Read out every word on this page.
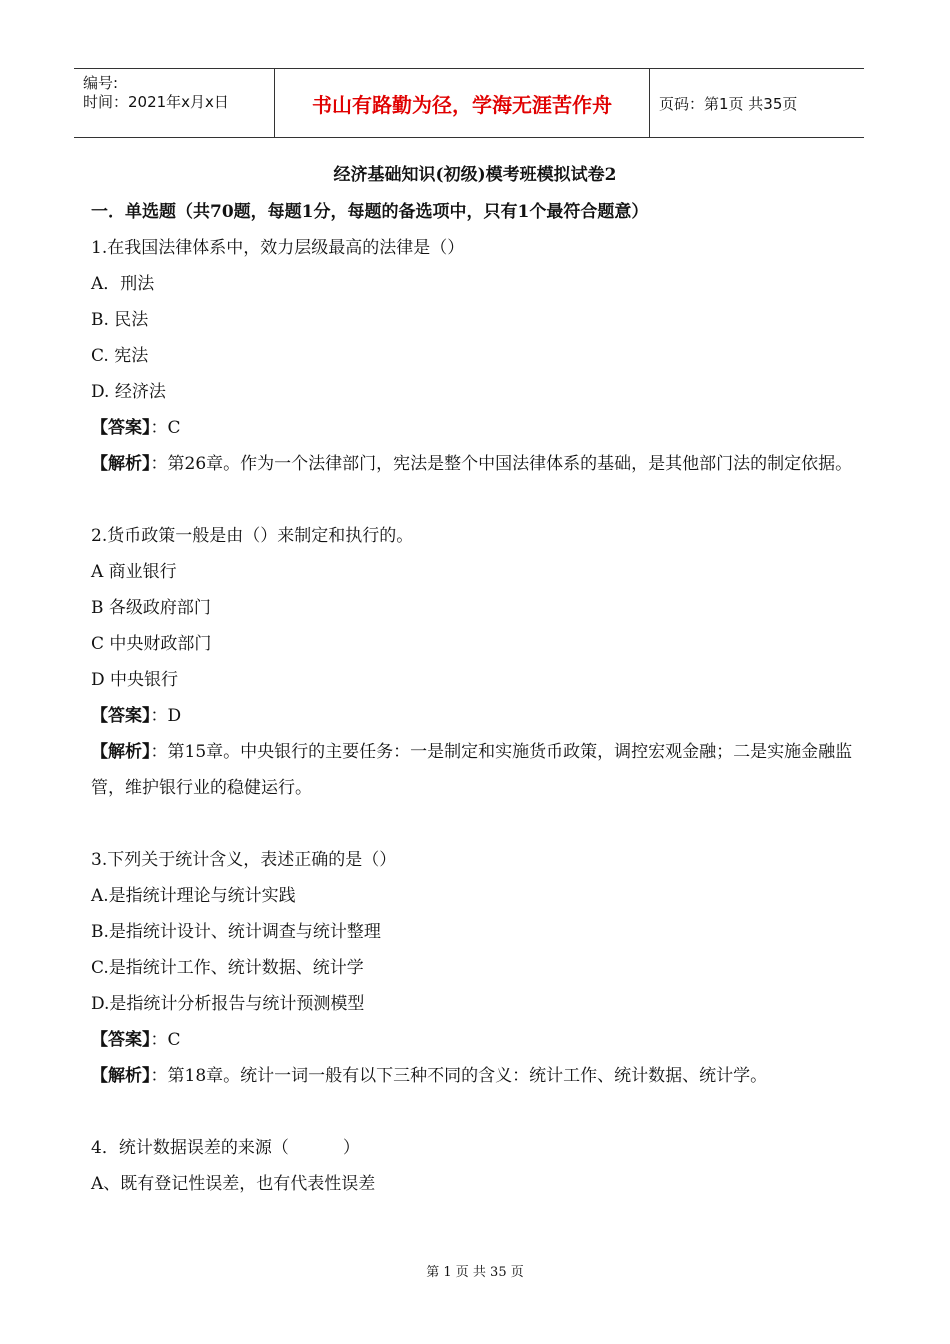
编号:
时间：2021年x月x日	书山有路勤为径，学海无涯苦作舟	页码：第1页 共35页
经济基础知识(初级)模考班模拟试卷2
一．单选题（共70题，每题1分，每题的备选项中，只有1个最符合题意）
1.在我国法律体系中，效力层级最高的法律是（）
A．刑法
B. 民法
C. 宪法
D. 经济法
【答案】：C
【解析】：第26章。作为一个法律部门，宪法是整个中国法律体系的基础，是其他部门法的制定依据。
2.货币政策一般是由（）来制定和执行的。
A 商业银行
B 各级政府部门
C 中央财政部门
D 中央银行
【答案】：D
【解析】：第15章。中央银行的主要任务：一是制定和实施货币政策，调控宏观金融；二是实施金融监管，维护银行业的稳健运行。
3.下列关于统计含义，表述正确的是（）
A.是指统计理论与统计实践
B.是指统计设计、统计调查与统计整理
C.是指统计工作、统计数据、统计学
D.是指统计分析报告与统计预测模型
【答案】：C
【解析】：第18章。统计一词一般有以下三种不同的含义：统计工作、统计数据、统计学。
4．统计数据误差的来源（          ）
A、既有登记性误差，也有代表性误差
第 1 页 共 35 页
